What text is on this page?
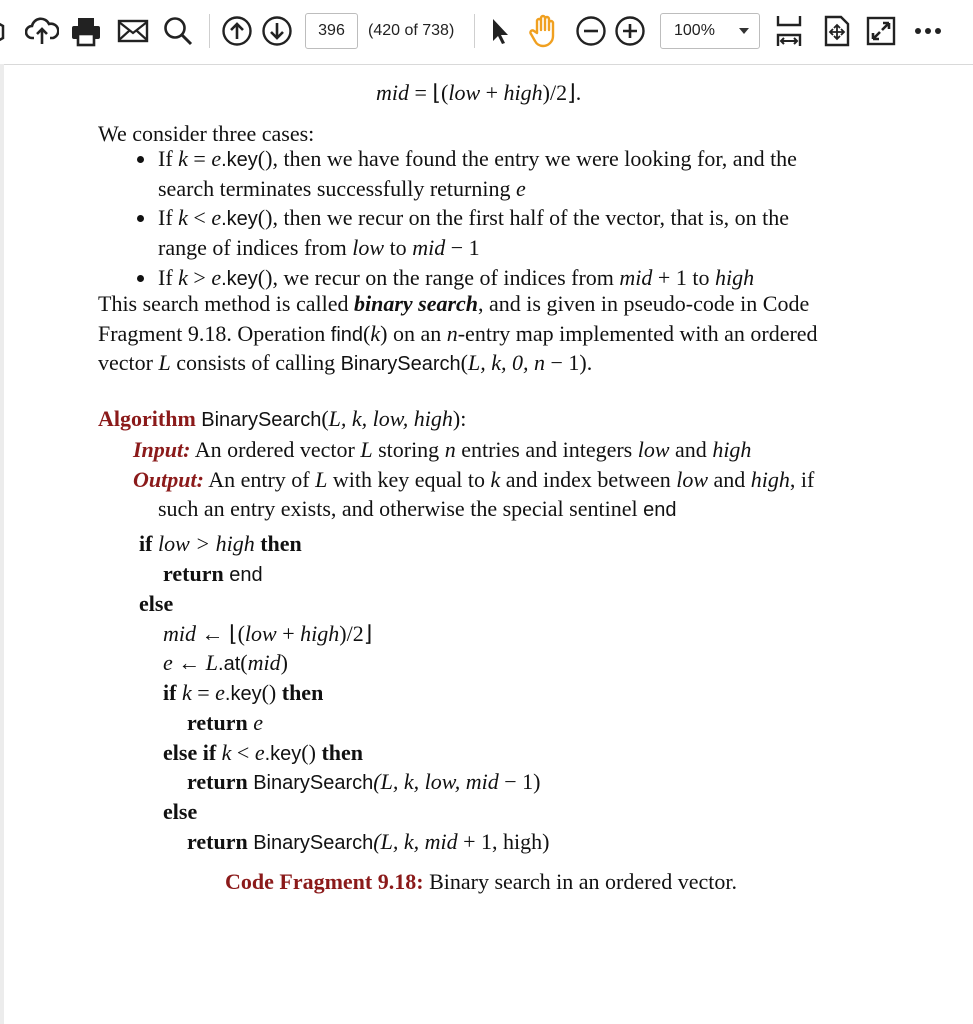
396 (420 of 738)	100%
mid = ⌊(low + high)/2⌋.
We consider three cases:
If k = e.key(), then we have found the entry we were looking for, and the
search terminates successfully returning e
If k < e.key(), then we recur on the first half of the vector, that is, on the
range of indices from low to mid − 1
If k > e.key(), we recur on the range of indices from mid + 1 to high
This search method is called binary search, and is given in pseudo-code in Code
Fragment 9.18. Operation find(k) on an n-entry map implemented with an ordered
vector L consists of calling BinarySearch(L, k, 0, n − 1).
Algorithm BinarySearch(L, k, low, high):
Input: An ordered vector L storing n entries and integers low and high
Output: An entry of L with key equal to k and index between low and high, if
such an entry exists, and otherwise the special sentinel end
if low > high then
return end
else
mid ← ⌊(low + high)/2⌋
e ← L.at(mid)
if k = e.key() then
return e
else if k < e.key() then
return BinarySearch(L, k, low, mid − 1)
else
return BinarySearch(L, k, mid + 1, high)
Code Fragment 9.18: Binary search in an ordered vector.
